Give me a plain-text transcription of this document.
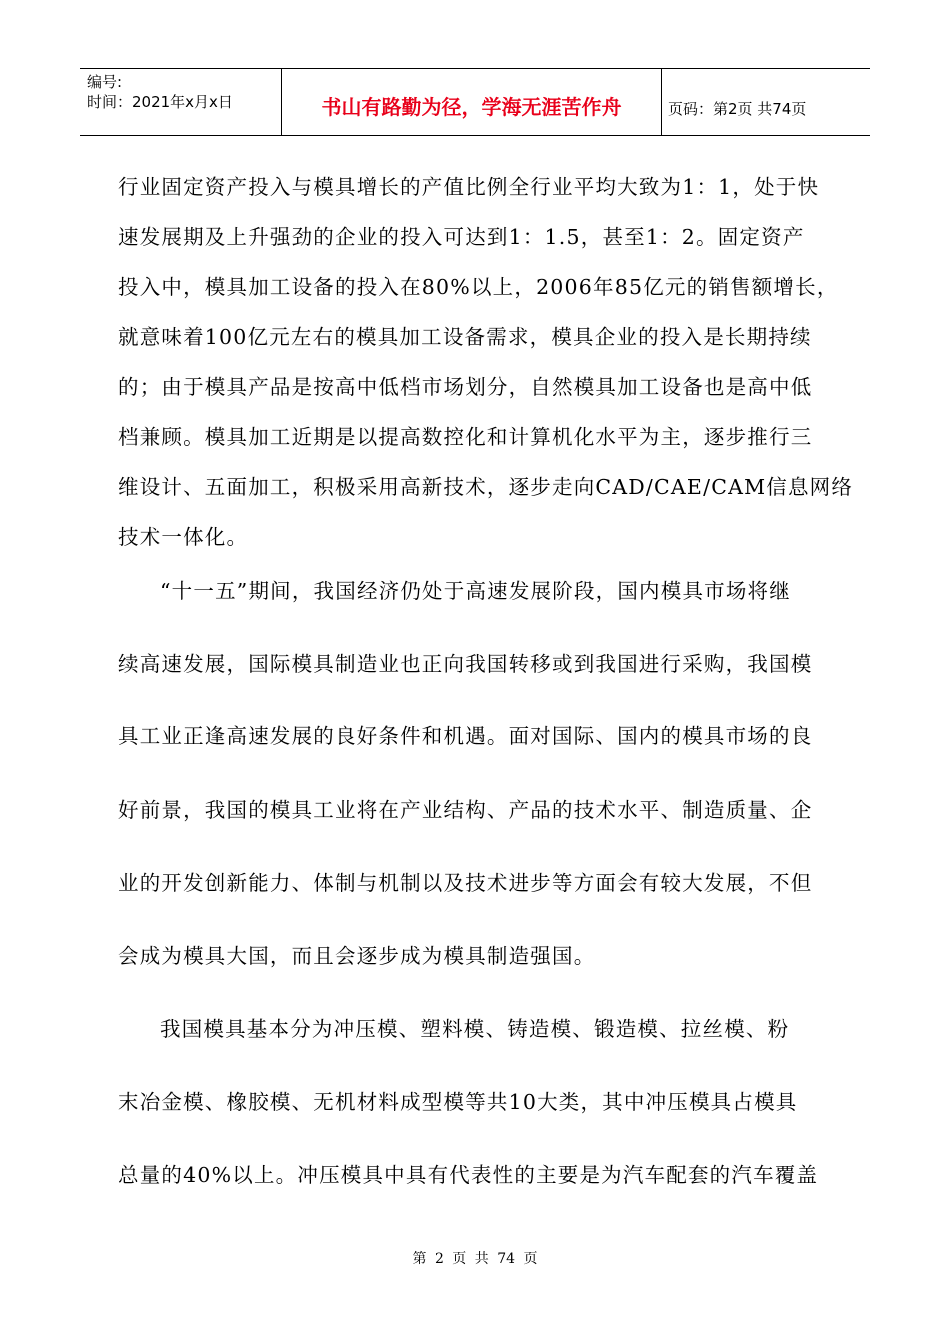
编号:
时间：2021年x月x日	书山有路勤为径，学海无涯苦作舟	页码：第2页 共74页
行业固定资产投入与模具增长的产值比例全行业平均大致为1：1，处于快
速发展期及上升强劲的企业的投入可达到1：1.5，甚至1：2。固定资产
投入中，模具加工设备的投入在80%以上，2006年85亿元的销售额增长，
就意味着100亿元左右的模具加工设备需求，模具企业的投入是长期持续
的；由于模具产品是按高中低档市场划分，自然模具加工设备也是高中低
档兼顾。模具加工近期是以提高数控化和计算机化水平为主，逐步推行三
维设计、五面加工，积极采用高新技术，逐步走向CAD/CAE/CAM信息网络
技术一体化。
“十一五”期间，我国经济仍处于高速发展阶段，国内模具市场将继
续高速发展，国际模具制造业也正向我国转移或到我国进行采购，我国模
具工业正逢高速发展的良好条件和机遇。面对国际、国内的模具市场的良
好前景，我国的模具工业将在产业结构、产品的技术水平、制造质量、企
业的开发创新能力、体制与机制以及技术进步等方面会有较大发展，不但
会成为模具大国，而且会逐步成为模具制造强国。
我国模具基本分为冲压模、塑料模、铸造模、锻造模、拉丝模、粉
末冶金模、橡胶模、无机材料成型模等共10大类，其中冲压模具占模具
总量的40%以上。冲压模具中具有代表性的主要是为汽车配套的汽车覆盖
第 2 页 共 74 页
